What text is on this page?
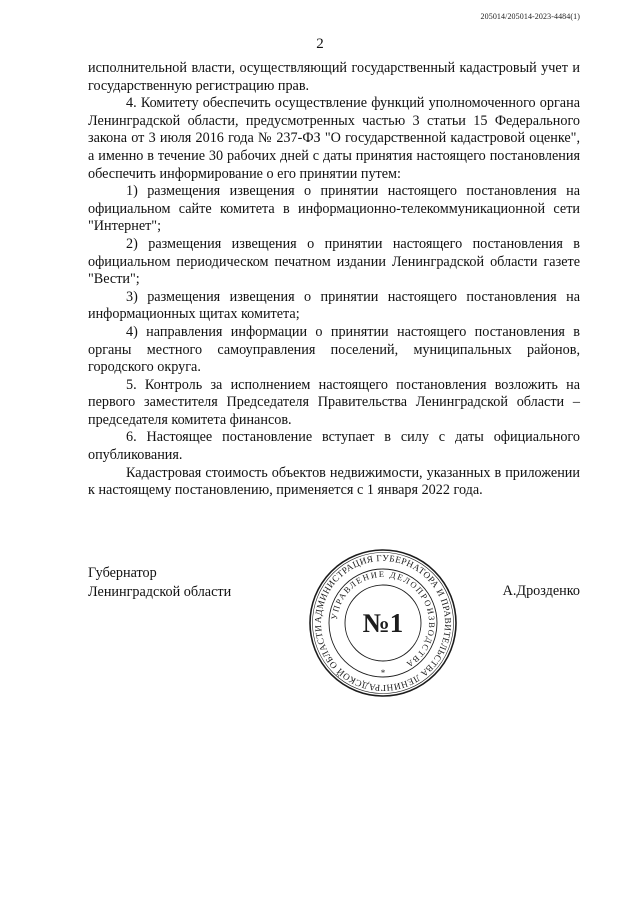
205014/205014-2023-4484(1)
2

исполнительной власти, осуществляющий государственный кадастровый учет и государственную регистрацию прав.

4. Комитету обеспечить осуществление функций уполномоченного органа Ленинградской области, предусмотренных частью 3 статьи 15 Федерального закона от 3 июля 2016 года № 237-ФЗ "О государственной кадастровой оценке", а именно в течение 30 рабочих дней с даты принятия настоящего постановления обеспечить информирование о его принятии путем:

1) размещения извещения о принятии настоящего постановления на официальном сайте комитета в информационно-телекоммуникационной сети "Интернет";

2) размещения извещения о принятии настоящего постановления в официальном периодическом печатном издании Ленинградской области газете "Вести";

3) размещения извещения о принятии настоящего постановления на информационных щитах комитета;

4) направления информации о принятии настоящего постановления в органы местного самоуправления поселений, муниципальных районов, городского округа.

5. Контроль за исполнением настоящего постановления возложить на первого заместителя Председателя Правительства Ленинградской области – председателя комитета финансов.

6. Настоящее постановление вступает в силу с даты официального опубликования.

Кадастровая стоимость объектов недвижимости, указанных в приложении к настоящему постановлению, применяется с 1 января 2022 года.

Губернатор
Ленинградской области	А.Дрозденко
АДМИНИСТРАЦИЯ ГУБЕРНАТОРА И ПРАВИТЕЛЬСТВА ЛЕНИНГРАДСКОЙ ОБЛАСТИ
УПРАВЛЕНИЕ ДЕЛОПРОИЗВОДСТВА
№1
*
